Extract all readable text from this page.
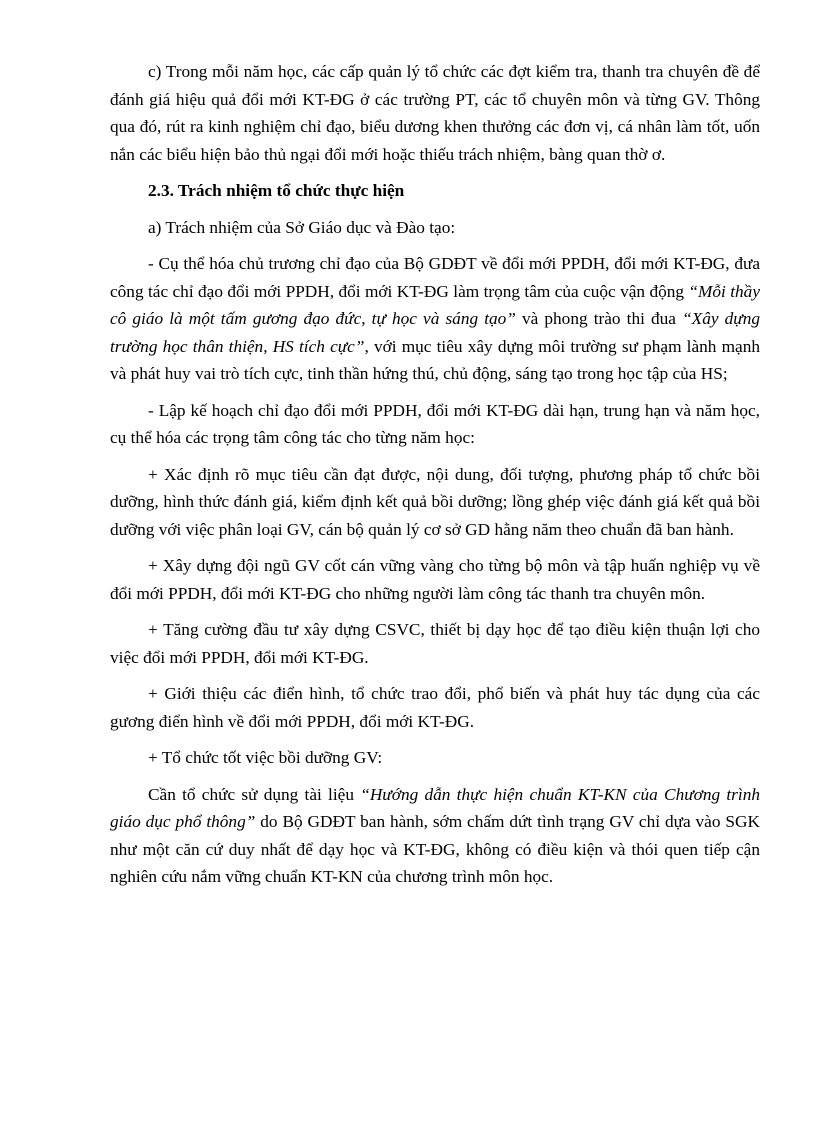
c) Trong mỗi năm học, các cấp quản lý tổ chức các đợt kiểm tra, thanh tra chuyên đề để đánh giá hiệu quả đổi mới KT-ĐG ở các trường PT, các tổ chuyên môn và từng GV. Thông qua đó, rút ra kinh nghiệm chỉ đạo, biểu dương khen thưởng các đơn vị, cá nhân làm tốt, uốn nắn các biểu hiện bảo thủ ngại đổi mới hoặc thiếu trách nhiệm, bàng quan thờ ơ.

2.3. Trách nhiệm tổ chức thực hiện

a) Trách nhiệm của Sở Giáo dục và Đào tạo:

- Cụ thể hóa chủ trương chỉ đạo của Bộ GDĐT về đổi mới PPDH, đổi mới KT-ĐG, đưa công tác chỉ đạo đổi mới PPDH, đổi mới KT-ĐG làm trọng tâm của cuộc vận động “Mỗi thầy cô giáo là một tấm gương đạo đức, tự học và sáng tạo” và phong trào thi đua “Xây dựng trường học thân thiện, HS tích cực”, với mục tiêu xây dựng môi trường sư phạm lành mạnh và phát huy vai trò tích cực, tinh thần hứng thú, chủ động, sáng tạo trong học tập của HS;

- Lập kế hoạch chỉ đạo đổi mới PPDH, đổi mới KT-ĐG dài hạn, trung hạn và năm học, cụ thể hóa các trọng tâm công tác cho từng năm học:

+ Xác định rõ mục tiêu cần đạt được, nội dung, đối tượng, phương pháp tổ chức bồi dưỡng, hình thức đánh giá, kiểm định kết quả bồi dưỡng; lồng ghép việc đánh giá kết quả bồi dưỡng với việc phân loại GV, cán bộ quản lý cơ sở GD hằng năm theo chuẩn đã ban hành.

+ Xây dựng đội ngũ GV cốt cán vững vàng cho từng bộ môn và tập huấn nghiệp vụ về đổi mới PPDH, đổi mới KT-ĐG cho những người làm công tác thanh tra chuyên môn.

+ Tăng cường đầu tư xây dựng CSVC, thiết bị dạy học để tạo điều kiện thuận lợi cho việc đổi mới PPDH, đổi mới KT-ĐG.

+ Giới thiệu các điển hình, tổ chức trao đổi, phổ biến và phát huy tác dụng của các gương điển hình về đổi mới PPDH, đổi mới KT-ĐG.

+ Tổ chức tốt việc bồi dưỡng GV:

Cần tổ chức sử dụng tài liệu “Hướng dẫn thực hiện chuẩn KT-KN của Chương trình giáo dục phổ thông” do Bộ GDĐT ban hành, sớm chấm dứt tình trạng GV chỉ dựa vào SGK như một căn cứ duy nhất để dạy học và KT-ĐG, không có điều kiện và thói quen tiếp cận nghiên cứu nắm vững chuẩn KT-KN của chương trình môn học.
